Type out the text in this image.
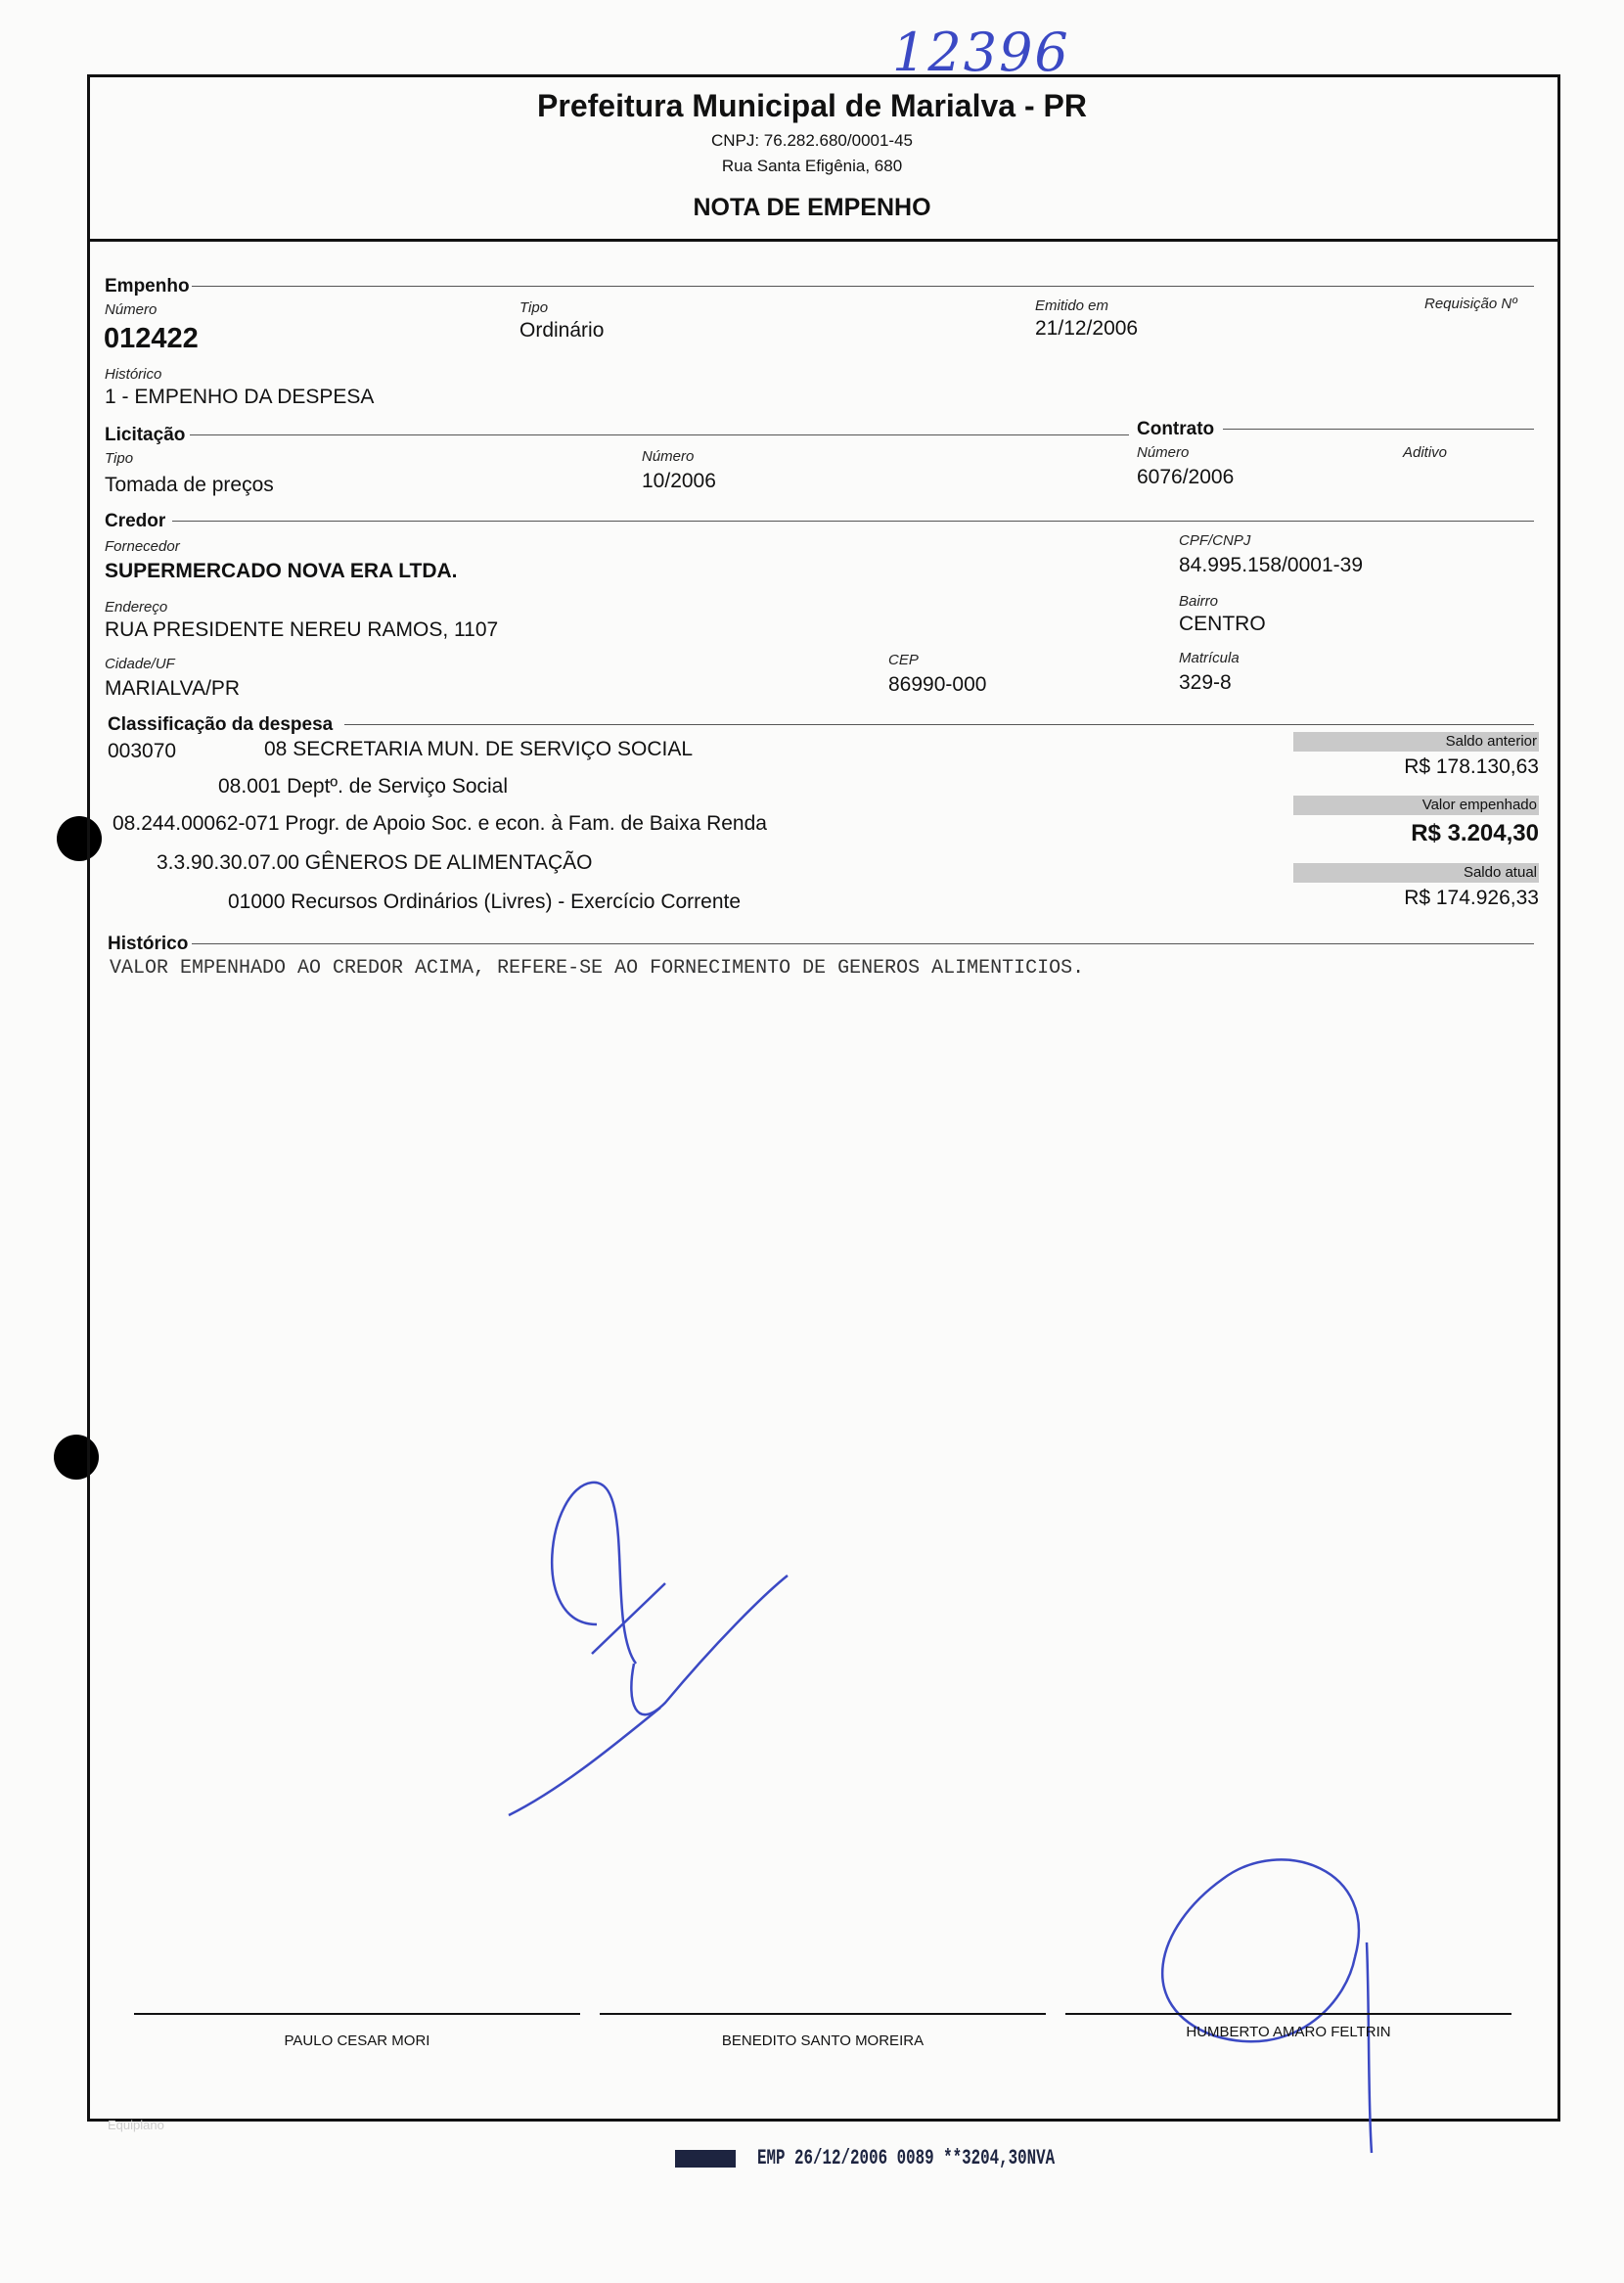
12396
Prefeitura Municipal de Marialva - PR
CNPJ: 76.282.680/0001-45
Rua Santa Efigênia, 680
NOTA DE EMPENHO
Empenho
Número
012422
Tipo
Ordinário
Emitido em
21/12/2006
Requisição Nº
Histórico
1 - EMPENHO DA DESPESA
Licitação	Contrato
Tipo
Tomada de preços
Número
10/2006
Número
6076/2006
Aditivo
Credor
Fornecedor
SUPERMERCADO NOVA ERA LTDA.
CPF/CNPJ
84.995.158/0001-39
Endereço
RUA PRESIDENTE NEREU RAMOS, 1107
Bairro
CENTRO
Cidade/UF
MARIALVA/PR
CEP
86990-000
Matrícula
329-8
Classificação da despesa
003070	08 SECRETARIA MUN. DE SERVIÇO SOCIAL
08.001 Deptº. de Serviço Social
08.244.00062-071 Progr. de Apoio Soc. e econ. à Fam. de Baixa Renda
3.3.90.30.07.00 GÊNEROS DE ALIMENTAÇÃO
01000 Recursos Ordinários (Livres) - Exercício Corrente
Saldo anterior
R$ 178.130,63
Valor empenhado
R$ 3.204,30
Saldo atual
R$ 174.926,33
Histórico
VALOR EMPENHADO AO CREDOR ACIMA, REFERE-SE AO FORNECIMENTO DE GENEROS ALIMENTICIOS.
PAULO CESAR MORI	BENEDITO SANTO MOREIRA
HUMBERTO AMARO FELTRIN
Equiplano
EMP 26/12/2006 0089 **3204,30NVA
